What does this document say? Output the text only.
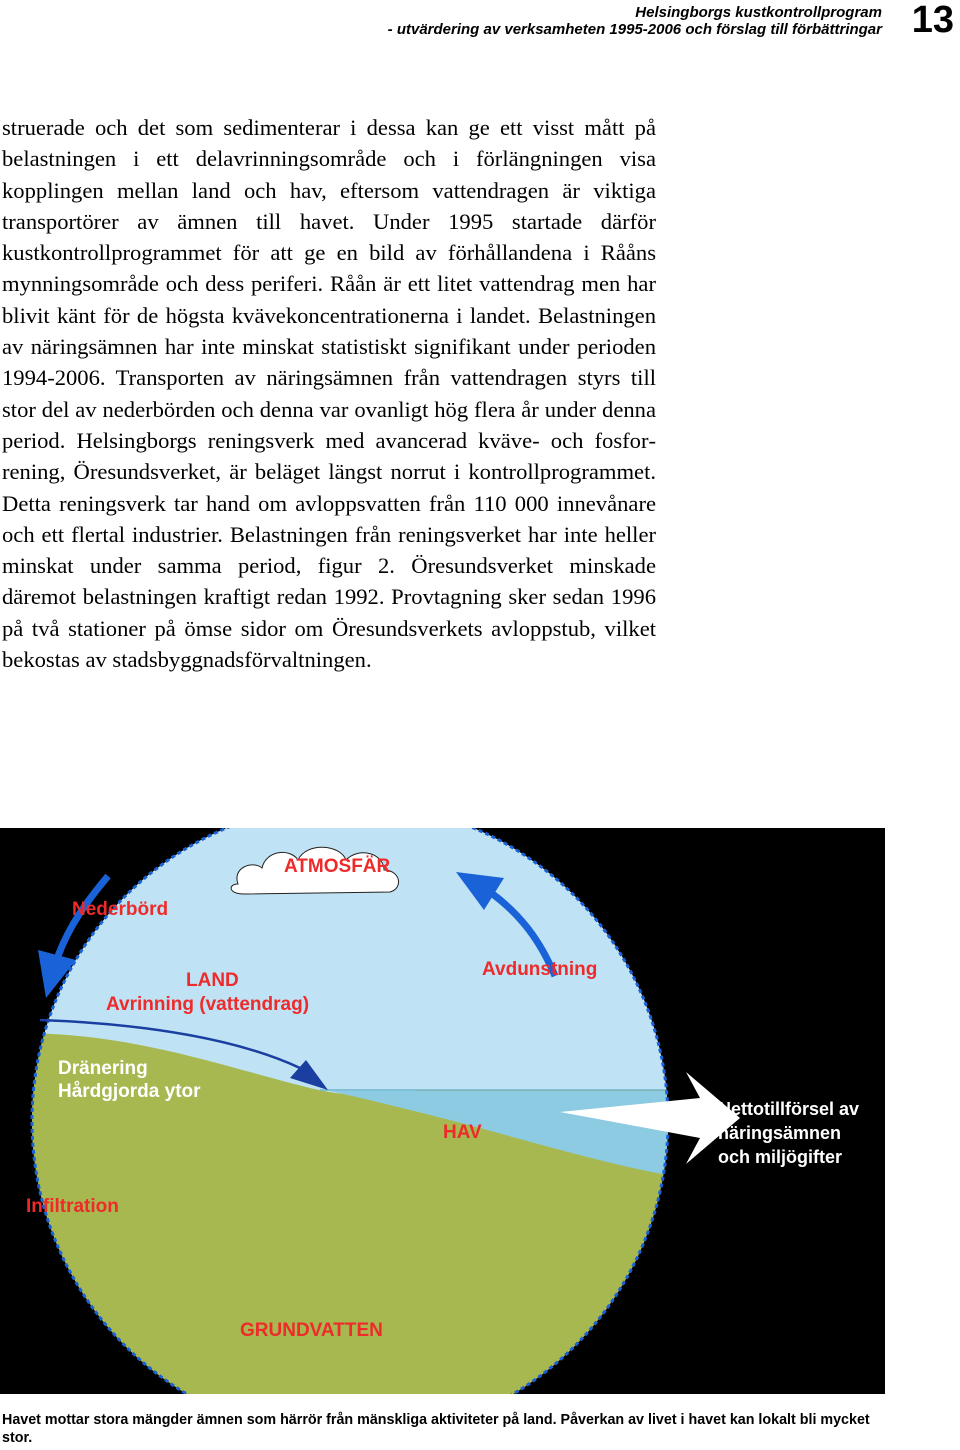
Helsingborgs kustkontrollprogram
- utvärdering av verksamheten 1995-2006 och förslag till förbättringar 13

struerade och det som sedimenterar i dessa kan ge ett visst mått på belastningen i ett delavrinningsområde och i förlängningen visa kopplingen mellan land och hav, eftersom vattendragen är viktiga transportörer av ämnen till havet. Under 1995 startade därför kustkontrollprogrammet för att ge en bild av förhållandena i Rååns mynningsområde och dess periferi. Råån är ett litet vattendrag men har blivit känt för de högsta kvävekoncentrationerna i landet. Belastningen av näringsämnen har inte minskat statistiskt signifikant under perioden 1994-2006. Transporten av näringsämnen från vattendragen styrs till stor del av nederbörden och denna var ovanligt hög flera år under denna period. Helsingborgs reningsverk med avancerad kväve- och fosforrening, Öresundsverket, är beläget längst norrut i kontrollprogrammet. Detta reningsverk tar hand om avloppsvatten från 110 000 innevånare och ett flertal industrier. Belastningen från reningsverket har inte heller minskat under samma period, figur 2. Öresundsverket minskade däremot belastningen kraftigt redan 1992. Provtagning sker sedan 1996 på två stationer på ömse sidor om Öresundsverkets avloppstub, vilket bekostas av stadsbyggnadsförvaltningen.

ATMOSFÄR
Nederbörd
Avdunstning
LAND
Avrinning (vattendrag)
Dränering
Hårdgjorda ytor
HAV
Infiltration
GRUNDVATTEN
Nettotillförsel av
näringsämnen
och miljögifter
Havet mottar stora mängder ämnen som härrör från mänskliga aktiviteter på land. Påverkan av livet i havet kan lokalt bli mycket stor.
